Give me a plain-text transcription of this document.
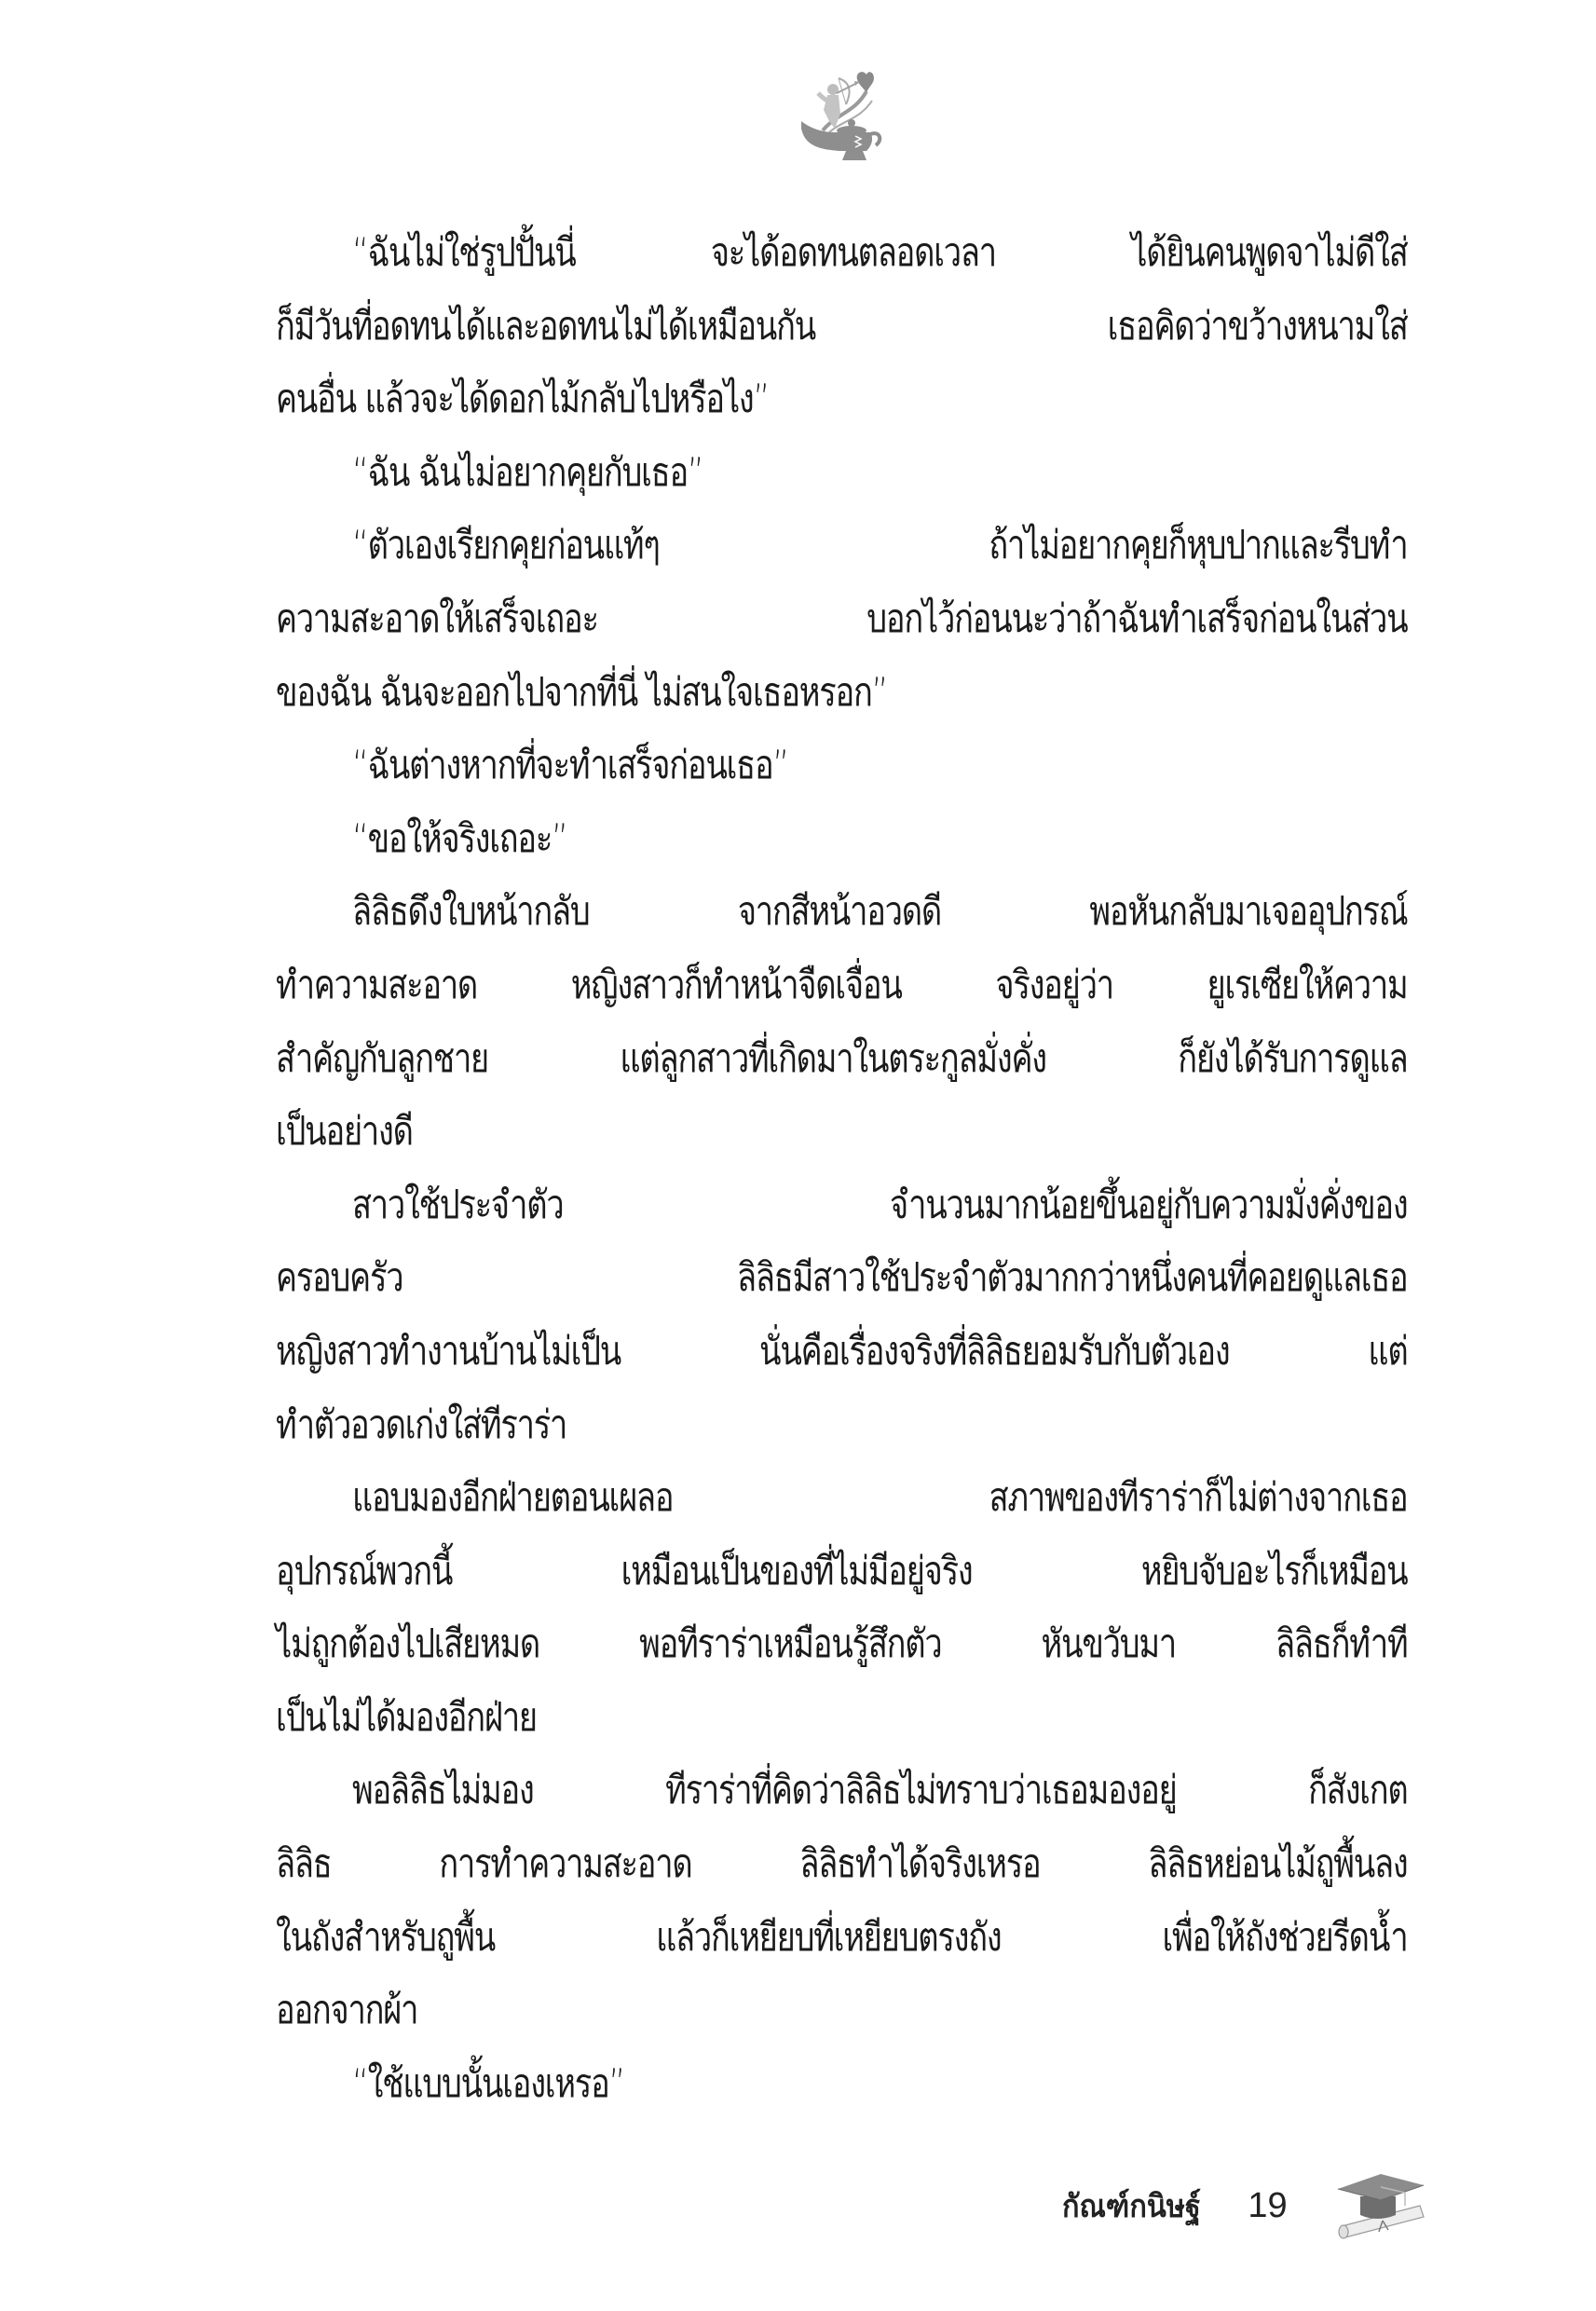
“ฉันไม่ใช่รูปปั้นนี่ จะได้อดทนตลอดเวลา ได้ยินคนพูดจาไม่ดีใส่
ก็มีวันที่อดทนได้และอดทนไม่ได้เหมือนกัน เธอคิดว่าขว้างหนามใส่
คนอื่น แล้วจะได้ดอกไม้กลับไปหรือไง”
“ฉัน ฉันไม่อยากคุยกับเธอ”
“ตัวเองเรียกคุยก่อนแท้ๆ ถ้าไม่อยากคุยก็หุบปากและรีบทำ
ความสะอาดให้เสร็จเถอะ บอกไว้ก่อนนะว่าถ้าฉันทำเสร็จก่อนในส่วน
ของฉัน ฉันจะออกไปจากที่นี่ ไม่สนใจเธอหรอก”
“ฉันต่างหากที่จะทำเสร็จก่อนเธอ”
“ขอให้จริงเถอะ”
ลิลิธดึงใบหน้ากลับ จากสีหน้าอวดดี พอหันกลับมาเจออุปกรณ์
ทำความสะอาด หญิงสาวก็ทำหน้าจืดเจื่อน จริงอยู่ว่า ยูเรเซียให้ความ
สำคัญกับลูกชาย แต่ลูกสาวที่เกิดมาในตระกูลมั่งคั่ง ก็ยังได้รับการดูแล
เป็นอย่างดี
สาวใช้ประจำตัว จำนวนมากน้อยขึ้นอยู่กับความมั่งคั่งของ
ครอบครัว ลิลิธมีสาวใช้ประจำตัวมากกว่าหนึ่งคนที่คอยดูแลเธอ
หญิงสาวทำงานบ้านไม่เป็น นั่นคือเรื่องจริงที่ลิลิธยอมรับกับตัวเอง แต่
ทำตัวอวดเก่งใส่ทีราร่า
แอบมองอีกฝ่ายตอนเผลอ สภาพของทีราร่าก็ไม่ต่างจากเธอ
อุปกรณ์พวกนี้ เหมือนเป็นของที่ไม่มีอยู่จริง หยิบจับอะไรก็เหมือน
ไม่ถูกต้องไปเสียหมด พอทีราร่าเหมือนรู้สึกตัว หันขวับมา ลิลิธก็ทำที
เป็นไม่ได้มองอีกฝ่าย
พอลิลิธไม่มอง ทีราร่าที่คิดว่าลิลิธไม่ทราบว่าเธอมองอยู่ ก็สังเกต
ลิลิธ การทำความสะอาด ลิลิธทำได้จริงเหรอ ลิลิธหย่อนไม้ถูพื้นลง
ในถังสำหรับถูพื้น แล้วก็เหยียบที่เหยียบตรงถัง เพื่อให้ถังช่วยรีดน้ำ
ออกจากผ้า
“ใช้แบบนั้นเองเหรอ”
กัณฑ์กนิษฐ์ 19
